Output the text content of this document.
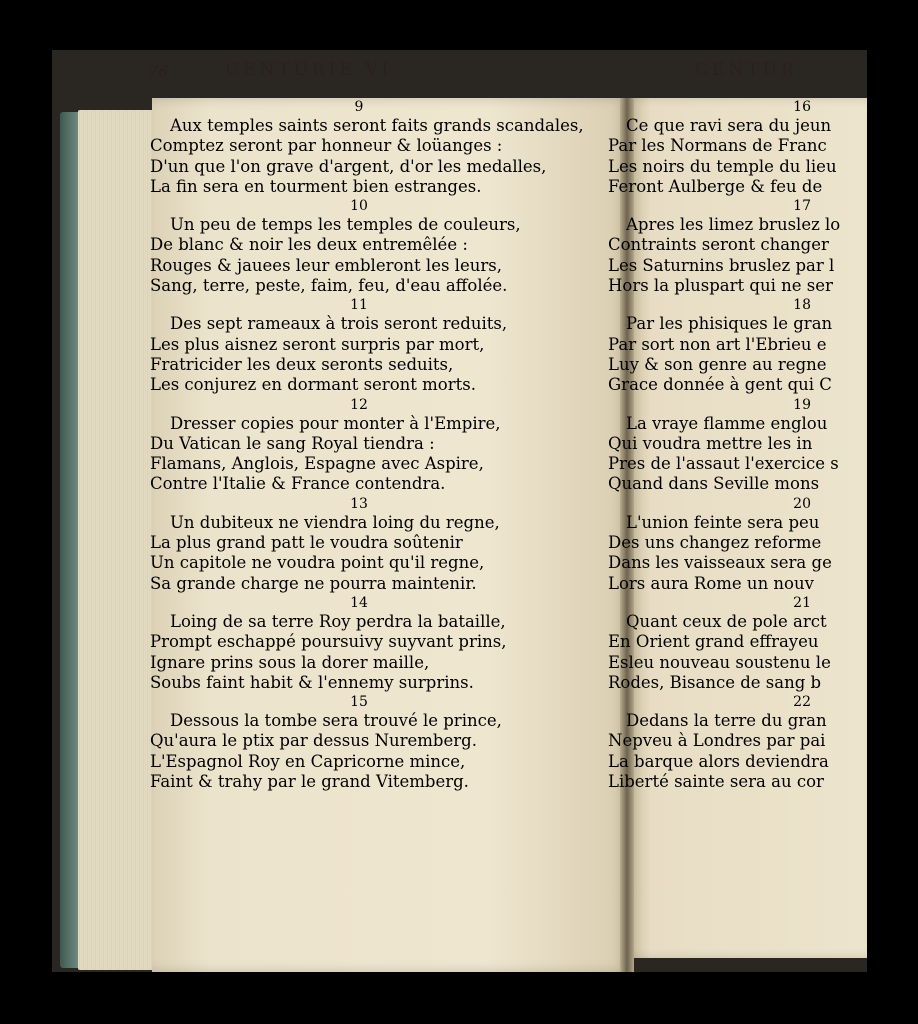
76	CENTURIE VI.	CENTUR
9
Aux temples saints seront faits grands scandales,
Comptez seront par honneur & loüanges :
D'un que l'on grave d'argent, d'or les medalles,
La fin sera en tourment bien estranges.
10
Un peu de temps les temples de couleurs,
De blanc & noir les deux entremêlée :
Rouges & jauees leur embleront les leurs,
Sang, terre, peste, faim, feu, d'eau affolée.
11
Des sept rameaux à trois seront reduits,
Les plus aisnez seront surpris par mort,
Fratricider les deux seronts seduits,
Les conjurez en dormant seront morts.
12
Dresser copies pour monter à l'Empire,
Du Vatican le sang Royal tiendra :
Flamans, Anglois, Espagne avec Aspire,
Contre l'Italie & France contendra.
13
Un dubiteux ne viendra loing du regne,
La plus grand patt le voudra soûtenir
Un capitole ne voudra point qu'il regne,
Sa grande charge ne pourra maintenir.
14
Loing de sa terre Roy perdra la bataille,
Prompt eschappé poursuivy suyvant prins,
Ignare prins sous la dorer maille,
Soubs faint habit & l'ennemy surprins.
15
Dessous la tombe sera trouvé le prince,
Qu'aura le ptix par dessus Nuremberg.
L'Espagnol Roy en Capricorne mince,
Faint & trahy par le grand Vitemberg.
16
Ce que ravi sera du jeun
Par les Normans de Franc
Les noirs du temple du lieu
Feront Aulberge & feu de
17
Apres les limez bruslez lo
Contraints seront changer
Les Saturnins bruslez par l
Hors la pluspart qui ne ser
18
Par les phisiques le gran
Par sort non art l'Ebrieu e
Luy & son genre au regne
Grace donnée à gent qui C
19
La vraye flamme englou
Qui voudra mettre les in
Pres de l'assaut l'exercice s
Quand dans Seville mons
20
L'union feinte sera peu
Des uns changez reforme
Dans les vaisseaux sera ge
Lors aura Rome un nouv
21
Quant ceux de pole arct
En Orient grand effrayeu
Esleu nouveau soustenu le
Rodes, Bisance de sang b
22
Dedans la terre du gran
Nepveu à Londres par pai
La barque alors deviendra
Liberté sainte sera au cor
